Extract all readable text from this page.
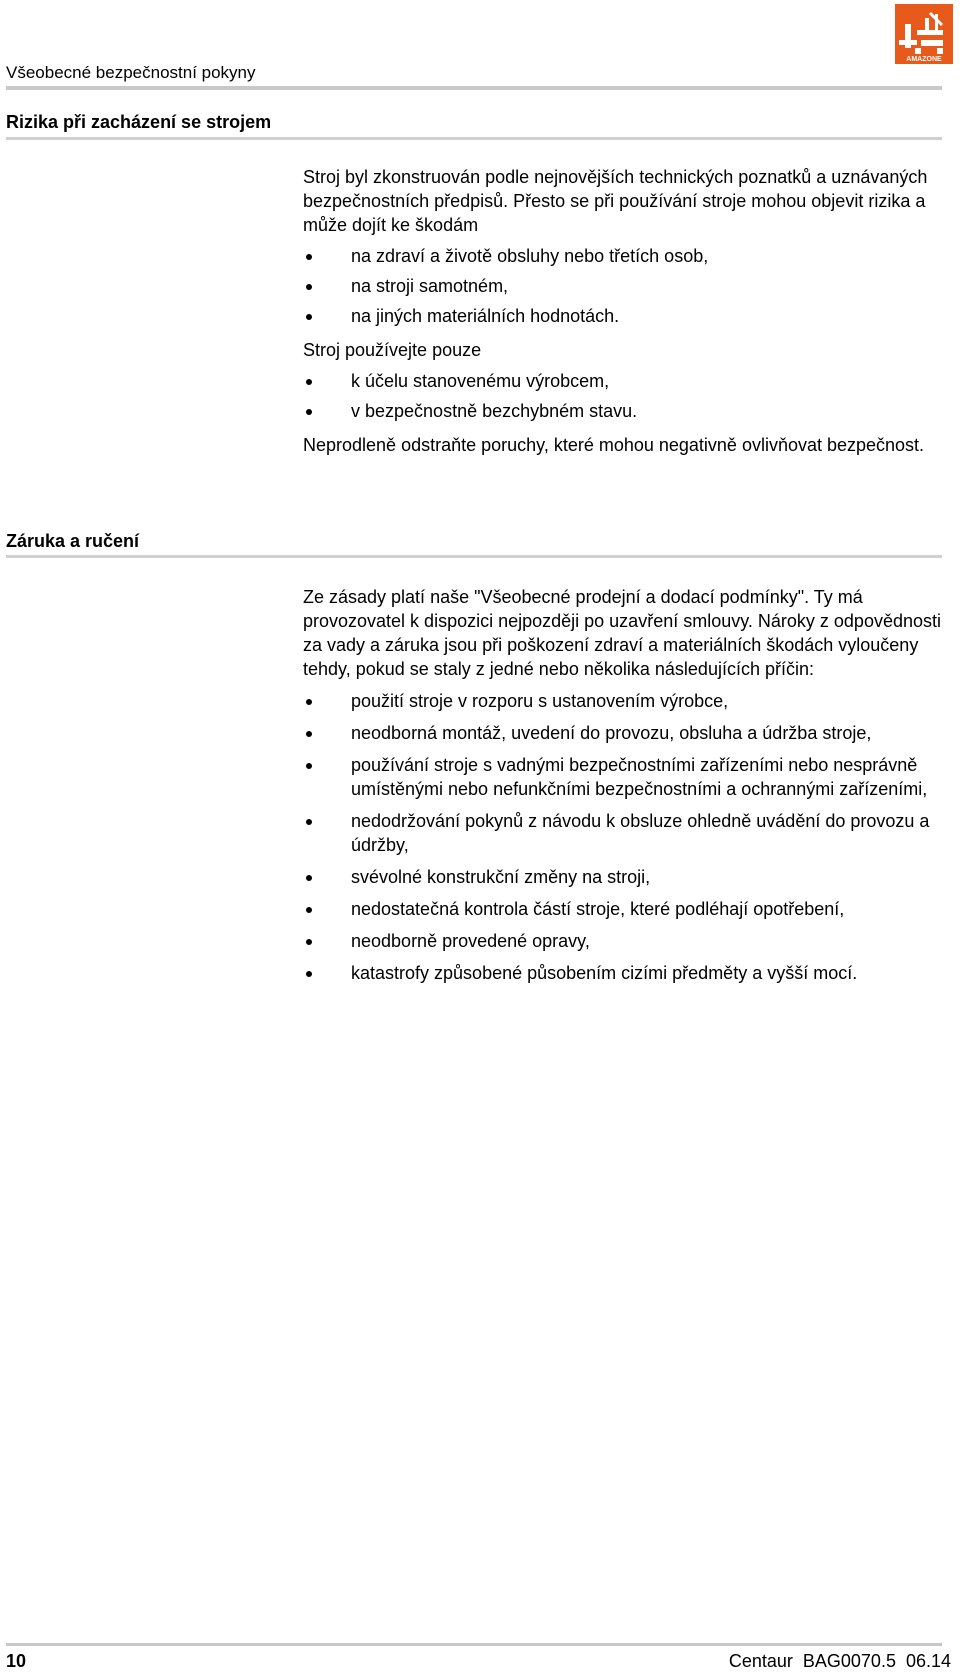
Všeobecné bezpečnostní pokyny
AMAZONE
Rizika při zacházení se strojem

Stroj byl zkonstruován podle nejnovějších technických poznatků a uznávaných bezpečnostních předpisů. Přesto se při používání stroje mohou objevit rizika a může dojít ke škodám

na zdraví a životě obsluhy nebo třetích osob,
na stroji samotném,
na jiných materiálních hodnotách.

Stroj používejte pouze

k účelu stanovenému výrobcem,
v bezpečnostně bezchybném stavu.

Neprodleně odstraňte poruchy, které mohou negativně ovlivňovat bezpečnost.

Záruka a ručení

Ze zásady platí naše "Všeobecné prodejní a dodací podmínky". Ty má provozovatel k dispozici nejpozději po uzavření smlouvy. Nároky z odpovědnosti za vady a záruka jsou při poškození zdraví a materiálních škodách vyloučeny tehdy, pokud se staly z jedné nebo několika následujících příčin:

použití stroje v rozporu s ustanovením výrobce,
neodborná montáž, uvedení do provozu, obsluha a údržba stroje,
používání stroje s vadnými bezpečnostními zařízeními nebo nesprávně umístěnými nebo nefunkčními bezpečnostními a ochrannými zařízeními,
nedodržování pokynů z návodu k obsluze ohledně uvádění do provozu a údržby,
svévolné konstrukční změny na stroji,
nedostatečná kontrola částí stroje, které podléhají opotřebení,
neodborně provedené opravy,
katastrofy způsobené působením cizími předměty a vyšší mocí.
10	Centaur  BAG0070.5  06.14
